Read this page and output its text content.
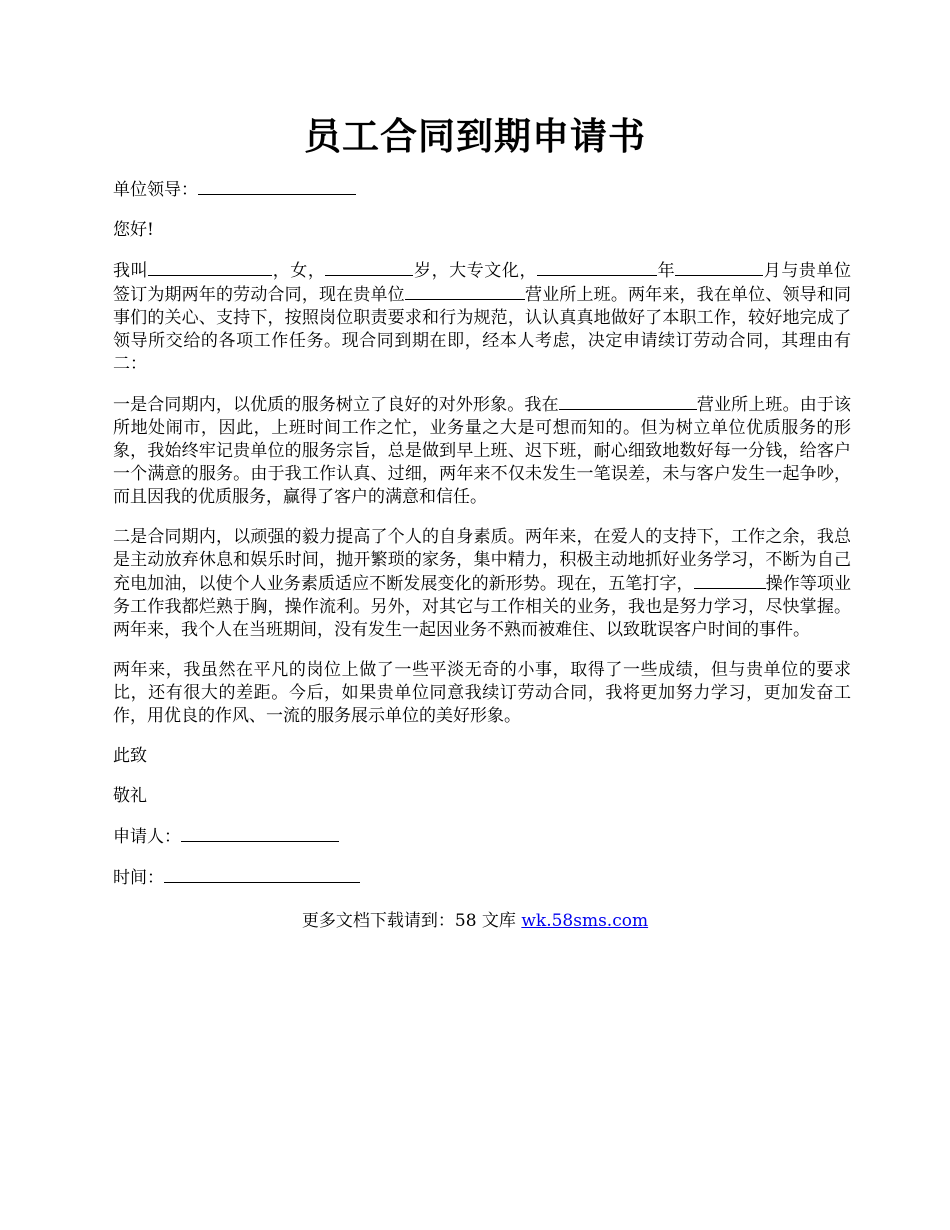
员工合同到期申请书

单位领导：

您好!

我叫	，女，	岁，大专文化，	年	月与贵单位签订为期两年的劳动合同，现在贵单位	营业所上班。两年来，我在单位、领导和同事们的关心、支持下，按照岗位职责要求和行为规范，认认真真地做好了本职工作，较好地完成了领导所交给的各项工作任务。现合同到期在即，经本人考虑，决定申请续订劳动合同，其理由有二：

一是合同期内，以优质的服务树立了良好的对外形象。我在	营业所上班。由于该所地处闹市，因此，上班时间工作之忙，业务量之大是可想而知的。但为树立单位优质服务的形象，我始终牢记贵单位的服务宗旨，总是做到早上班、迟下班，耐心细致地数好每一分钱，给客户一个满意的服务。由于我工作认真、过细，两年来不仅未发生一笔误差，未与客户发生一起争吵，而且因我的优质服务，赢得了客户的满意和信任。

二是合同期内，以顽强的毅力提高了个人的自身素质。两年来，在爱人的支持下，工作之余，我总是主动放弃休息和娱乐时间，抛开繁琐的家务，集中精力，积极主动地抓好业务学习，不断为自己充电加油，以使个人业务素质适应不断发展变化的新形势。现在，五笔打字，	操作等项业务工作我都烂熟于胸，操作流利。另外，对其它与工作相关的业务，我也是努力学习，尽快掌握。两年来，我个人在当班期间，没有发生一起因业务不熟而被难住、以致耽误客户时间的事件。

两年来，我虽然在平凡的岗位上做了一些平淡无奇的小事，取得了一些成绩，但与贵单位的要求比，还有很大的差距。今后，如果贵单位同意我续订劳动合同，我将更加努力学习，更加发奋工作，用优良的作风、一流的服务展示单位的美好形象。

此致

敬礼

申请人：

时间：

更多文档下载请到：58 文库 wk.58sms.com
